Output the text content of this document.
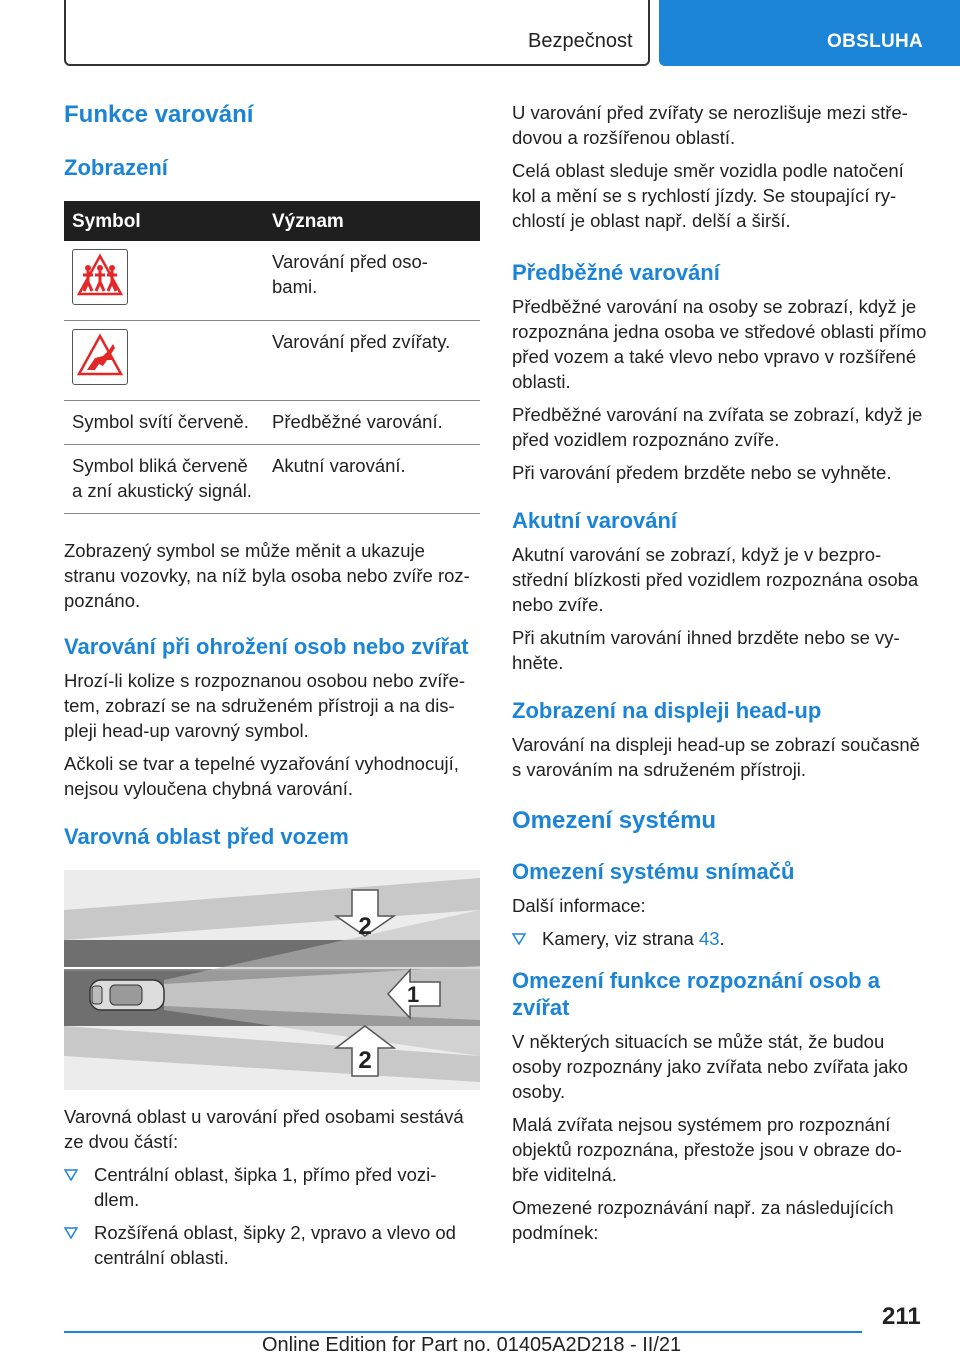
Bezpečnost	OBSLUHA
Funkce varování
Zobrazení
Symbol	Význam
	Varování před oso-bami.
	Varování před zvířaty.
Symbol svítí červeně.	Předběžné varování.
Symbol bliká červeně a zní akustický signál.	Akutní varování.
Zobrazený symbol se může měnit a ukazuje stranu vozovky, na níž byla osoba nebo zvíře roz-poznáno.
Varování při ohrožení osob nebo zvířat
Hrozí-li kolize s rozpoznanou osobou nebo zvíře-tem, zobrazí se na sdruženém přístroji a na dis-pleji head-up varovný symbol.
Ačkoli se tvar a tepelné vyzařování vyhodnocují, nejsou vyloučena chybná varování.
Varovná oblast před vozem
2
1
2
Varovná oblast u varování před osobami sestává ze dvou částí:
Centrální oblast, šipka 1, přímo před vozi-dlem.
Rozšířená oblast, šipky 2, vpravo a vlevo od centrální oblasti.
U varování před zvířaty se nerozlišuje mezi stře-dovou a rozšířenou oblastí.
Celá oblast sleduje směr vozidla podle natočení kol a mění se s rychlostí jízdy. Se stoupající ry-chlostí je oblast např. delší a širší.
Předběžné varování
Předběžné varování na osoby se zobrazí, když je rozpoznána jedna osoba ve středové oblasti přímo před vozem a také vlevo nebo vpravo v rozšířené oblasti.
Předběžné varování na zvířata se zobrazí, když je před vozidlem rozpoznáno zvíře.
Při varování předem brzděte nebo se vyhněte.
Akutní varování
Akutní varování se zobrazí, když je v bezpro-střední blízkosti před vozidlem rozpoznána osoba nebo zvíře.
Při akutním varování ihned brzděte nebo se vy-hněte.
Zobrazení na displeji head-up
Varování na displeji head-up se zobrazí současně s varováním na sdruženém přístroji.
Omezení systému
Omezení systému snímačů
Další informace:
Kamery, viz strana 43.
Omezení funkce rozpoznání osob a zvířat
V některých situacích se může stát, že budou osoby rozpoznány jako zvířata nebo zvířata jako osoby.
Malá zvířata nejsou systémem pro rozpoznání objektů rozpoznána, přestože jsou v obraze do-bře viditelná.
Omezené rozpoznávání např. za následujících podmínek:
211
Online Edition for Part no. 01405A2D218 - II/21
